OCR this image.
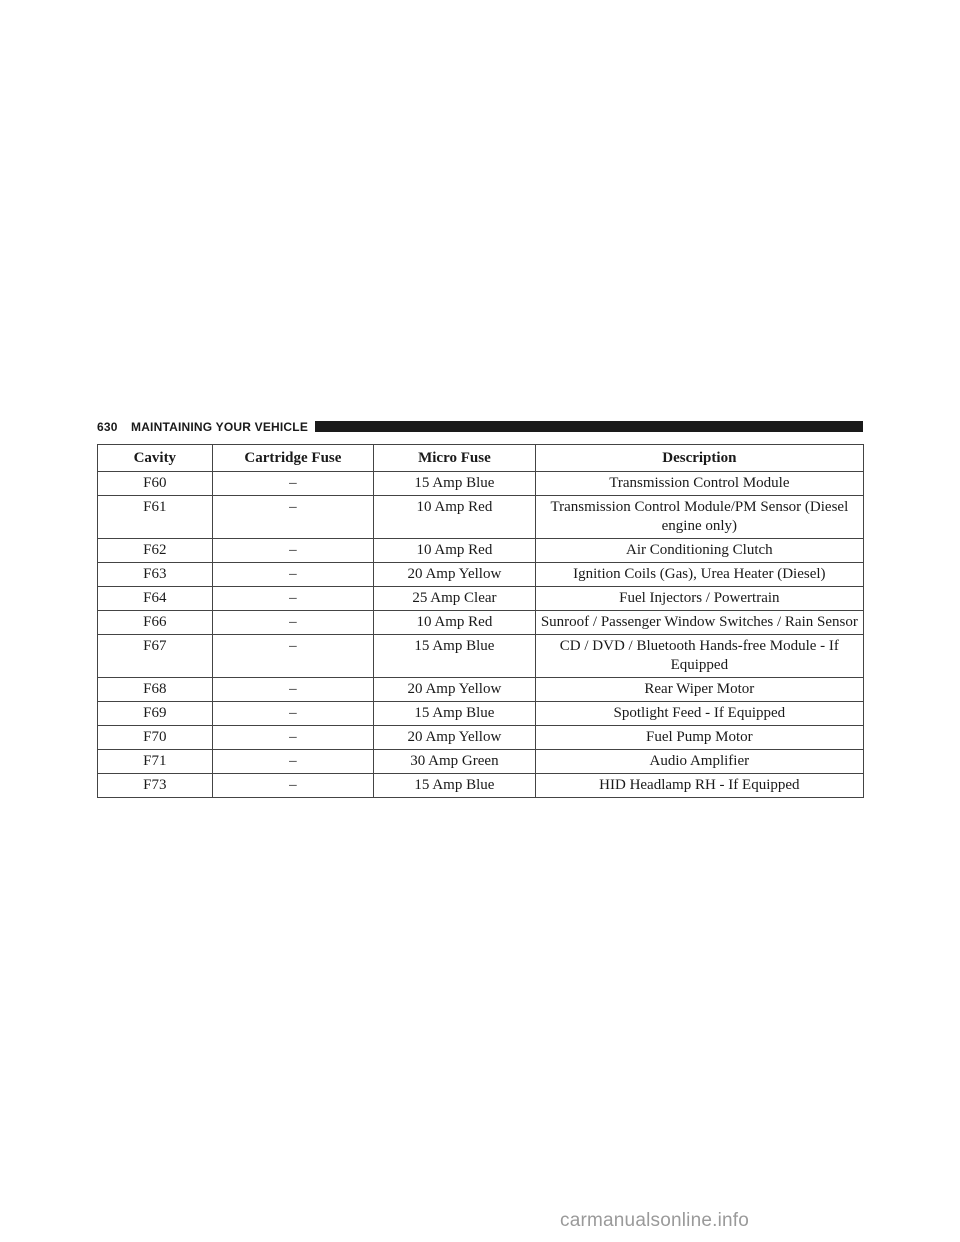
630 MAINTAINING YOUR VEHICLE
Cavity	Cartridge Fuse	Micro Fuse	Description
F60	–	15 Amp Blue	Transmission Control Module
F61	–	10 Amp Red	Transmission Control Module/PM Sensor (Diesel engine only)
F62	–	10 Amp Red	Air Conditioning Clutch
F63	–	20 Amp Yellow	Ignition Coils (Gas), Urea Heater (Diesel)
F64	–	25 Amp Clear	Fuel Injectors / Powertrain
F66	–	10 Amp Red	Sunroof / Passenger Window Switches / Rain Sensor
F67	–	15 Amp Blue	CD / DVD / Bluetooth Hands-free Module - If Equipped
F68	–	20 Amp Yellow	Rear Wiper Motor
F69	–	15 Amp Blue	Spotlight Feed - If Equipped
F70	–	20 Amp Yellow	Fuel Pump Motor
F71	–	30 Amp Green	Audio Amplifier
F73	–	15 Amp Blue	HID Headlamp RH - If Equipped
carmanualsonline.info
